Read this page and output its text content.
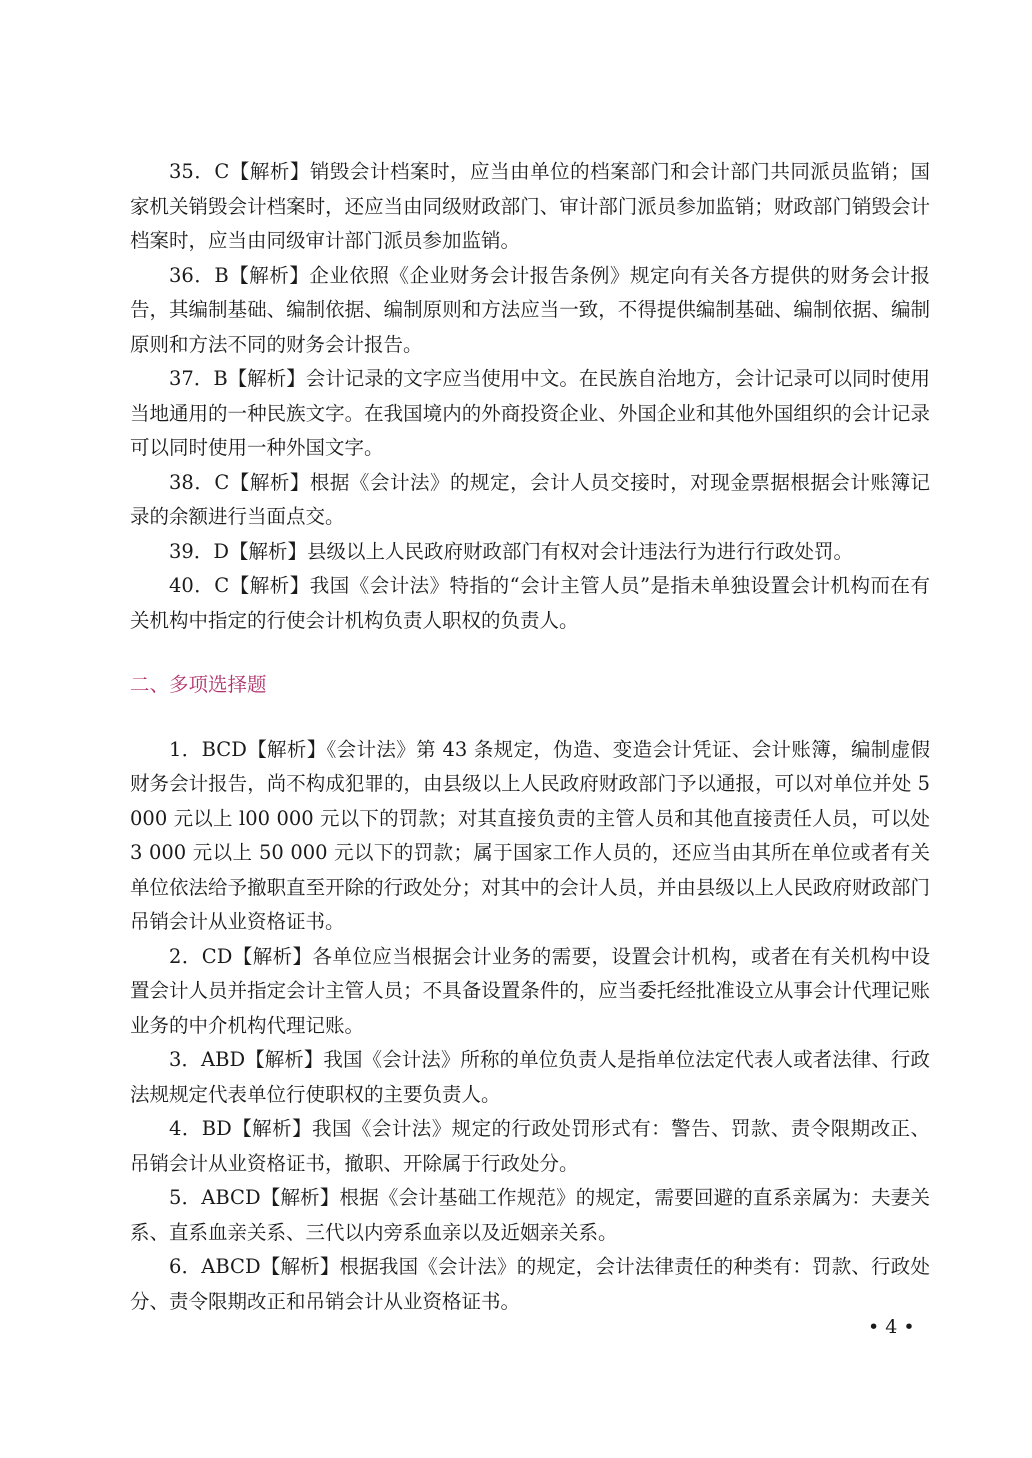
35．C【解析】销毁会计档案时，应当由单位的档案部门和会计部门共同派员监销；国家机关销毁会计档案时，还应当由同级财政部门、审计部门派员参加监销；财政部门销毁会计档案时，应当由同级审计部门派员参加监销。

36．B【解析】企业依照《企业财务会计报告条例》规定向有关各方提供的财务会计报告，其编制基础、编制依据、编制原则和方法应当一致，不得提供编制基础、编制依据、编制原则和方法不同的财务会计报告。

37．B【解析】会计记录的文字应当使用中文。在民族自治地方，会计记录可以同时使用当地通用的一种民族文字。在我国境内的外商投资企业、外国企业和其他外国组织的会计记录可以同时使用一种外国文字。

38．C【解析】根据《会计法》的规定，会计人员交接时，对现金票据根据会计账簿记录的余额进行当面点交。

39．D【解析】县级以上人民政府财政部门有权对会计违法行为进行行政处罚。

40．C【解析】我国《会计法》特指的“会计主管人员”是指未单独设置会计机构而在有关机构中指定的行使会计机构负责人职权的负责人。

二、多项选择题

1．BCD【解析】《会计法》第 43 条规定，伪造、变造会计凭证、会计账簿，编制虚假财务会计报告，尚不构成犯罪的，由县级以上人民政府财政部门予以通报，可以对单位并处 5 000 元以上 l00 000 元以下的罚款；对其直接负责的主管人员和其他直接责任人员，可以处 3 000 元以上 50 000 元以下的罚款；属于国家工作人员的，还应当由其所在单位或者有关单位依法给予撤职直至开除的行政处分；对其中的会计人员，并由县级以上人民政府财政部门吊销会计从业资格证书。

2．CD【解析】各单位应当根据会计业务的需要，设置会计机构，或者在有关机构中设置会计人员并指定会计主管人员；不具备设置条件的，应当委托经批准设立从事会计代理记账业务的中介机构代理记账。

3．ABD【解析】我国《会计法》所称的单位负责人是指单位法定代表人或者法律、行政法规规定代表单位行使职权的主要负责人。

4．BD【解析】我国《会计法》规定的行政处罚形式有：警告、罚款、责令限期改正、吊销会计从业资格证书，撤职、开除属于行政处分。

5．ABCD【解析】根据《会计基础工作规范》的规定，需要回避的直系亲属为：夫妻关系、直系血亲关系、三代以内旁系血亲以及近姻亲关系。

6．ABCD【解析】根据我国《会计法》的规定，会计法律责任的种类有：罚款、行政处分、责令限期改正和吊销会计从业资格证书。

• 4 •
